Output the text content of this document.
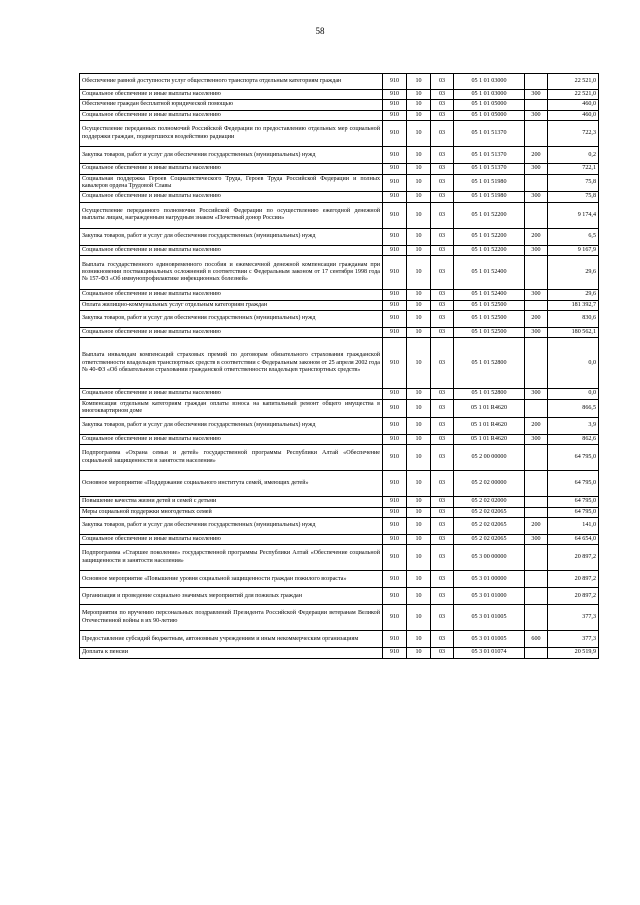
58
Обеспечение равной доступности услуг общественного транспорта отдельным категориям граждан	910	10	03	05 1 01 03000		22 521,0
Социальное обеспечение и иные выплаты населению	910	10	03	05 1 01 03000	300	22 521,0
Обеспечение граждан бесплатной юридической помощью	910	10	03	05 1 01 05000		460,0
Социальное обеспечение и иные выплаты населению	910	10	03	05 1 01 05000	300	460,0
Осуществление переданных полномочий Российской Федерации по предоставлению отдельных мер социальной поддержки граждан, подвергшихся воздействию радиации	910	10	03	05 1 01 51370		722,3
Закупка товаров, работ и услуг для обеспечения государственных (муниципальных) нужд	910	10	03	05 1 01 51370	200	0,2
Социальное обеспечение и иные выплаты населению	910	10	03	05 1 01 51370	300	722,1
Социальная поддержка Героев Социалистического Труда, Героев Труда Российской Федерации и полных кавалеров ордена Трудовой Славы	910	10	03	05 1 01 51980		75,8
Социальное обеспечение и иные выплаты населению	910	10	03	05 1 01 51980	300	75,8
Осуществление переданного полномочия Российской Федерации по осуществлению ежегодной денежной выплаты лицам, награжденным нагрудным знаком «Почетный донор России»	910	10	03	05 1 01 52200		9 174,4
Закупка товаров, работ и услуг для обеспечения государственных (муниципальных) нужд	910	10	03	05 1 01 52200	200	6,5
Социальное обеспечение и иные выплаты населению	910	10	03	05 1 01 52200	300	9 167,9
Выплата государственного единовременного пособия и ежемесячной денежной компенсации гражданам при возникновении поствакцинальных осложнений в соответствии с Федеральным законом от 17 сентября 1998 года № 157-ФЗ «Об иммунопрофилактике инфекционных болезней»	910	10	03	05 1 01 52400		29,6
Социальное обеспечение и иные выплаты населению	910	10	03	05 1 01 52400	300	29,6
Оплата жилищно-коммунальных услуг отдельным категориям граждан	910	10	03	05 1 01 52500		181 392,7
Закупка товаров, работ и услуг для обеспечения государственных (муниципальных) нужд	910	10	03	05 1 01 52500	200	830,6
Социальное обеспечение и иные выплаты населению	910	10	03	05 1 01 52500	300	180 562,1
Выплата инвалидам компенсаций страховых премий по договорам обязательного страхования гражданской ответственности владельцев транспортных средств в соответствии с Федеральным законом от 25 апреля 2002 года № 40-ФЗ «Об обязательном страховании гражданской ответственности владельцев транспортных средств»	910	10	03	05 1 01 52800		0,0
Социальное обеспечение и иные выплаты населению	910	10	03	05 1 01 52800	300	0,0
Компенсация отдельным категориям граждан оплаты взноса на капитальный ремонт общего имущества в многоквартирном доме	910	10	03	05 1 01 R4620		866,5
Закупка товаров, работ и услуг для обеспечения государственных (муниципальных) нужд	910	10	03	05 1 01 R4620	200	3,9
Социальное обеспечение и иные выплаты населению	910	10	03	05 1 01 R4620	300	862,6
Подпрограмма «Охрана семьи и детей» государственной программы Республики Алтай «Обеспечение социальной защищенности и занятости населения»	910	10	03	05 2 00 00000		64 795,0
Основное мероприятие «Поддержание социального института семей, имеющих детей»	910	10	03	05 2 02 00000		64 795,0
Повышение качества жизни детей и семей с детьми	910	10	03	05 2 02 02000		64 795,0
Меры социальной поддержки многодетных семей	910	10	03	05 2 02 02065		64 795,0
Закупка товаров, работ и услуг для обеспечения государственных (муниципальных) нужд	910	10	03	05 2 02 02065	200	141,0
Социальное обеспечение и иные выплаты населению	910	10	03	05 2 02 02065	300	64 654,0
Подпрограмма «Старшее поколение» государственной программы Республики Алтай «Обеспечение социальной защищенности и занятости населения»	910	10	03	05 3 00 00000		20 897,2
Основное мероприятие «Повышение уровня социальной защищенности граждан пожилого возраста»	910	10	03	05 3 01 00000		20 897,2
Организация и проведение социально значимых мероприятий для пожилых граждан	910	10	03	05 3 01 01000		20 897,2
Мероприятия по вручению персональных поздравлений Президента Российской Федерации ветеранам Великой Отечественной войны в их 90-летию	910	10	03	05 3 01 01005		377,3
Предоставление субсидий бюджетным, автономным учреждениям и иным некоммерческим организациям	910	10	03	05 3 01 01005	600	377,3
Доплата к пенсии	910	10	03	05 3 01 01074		20 519,9
